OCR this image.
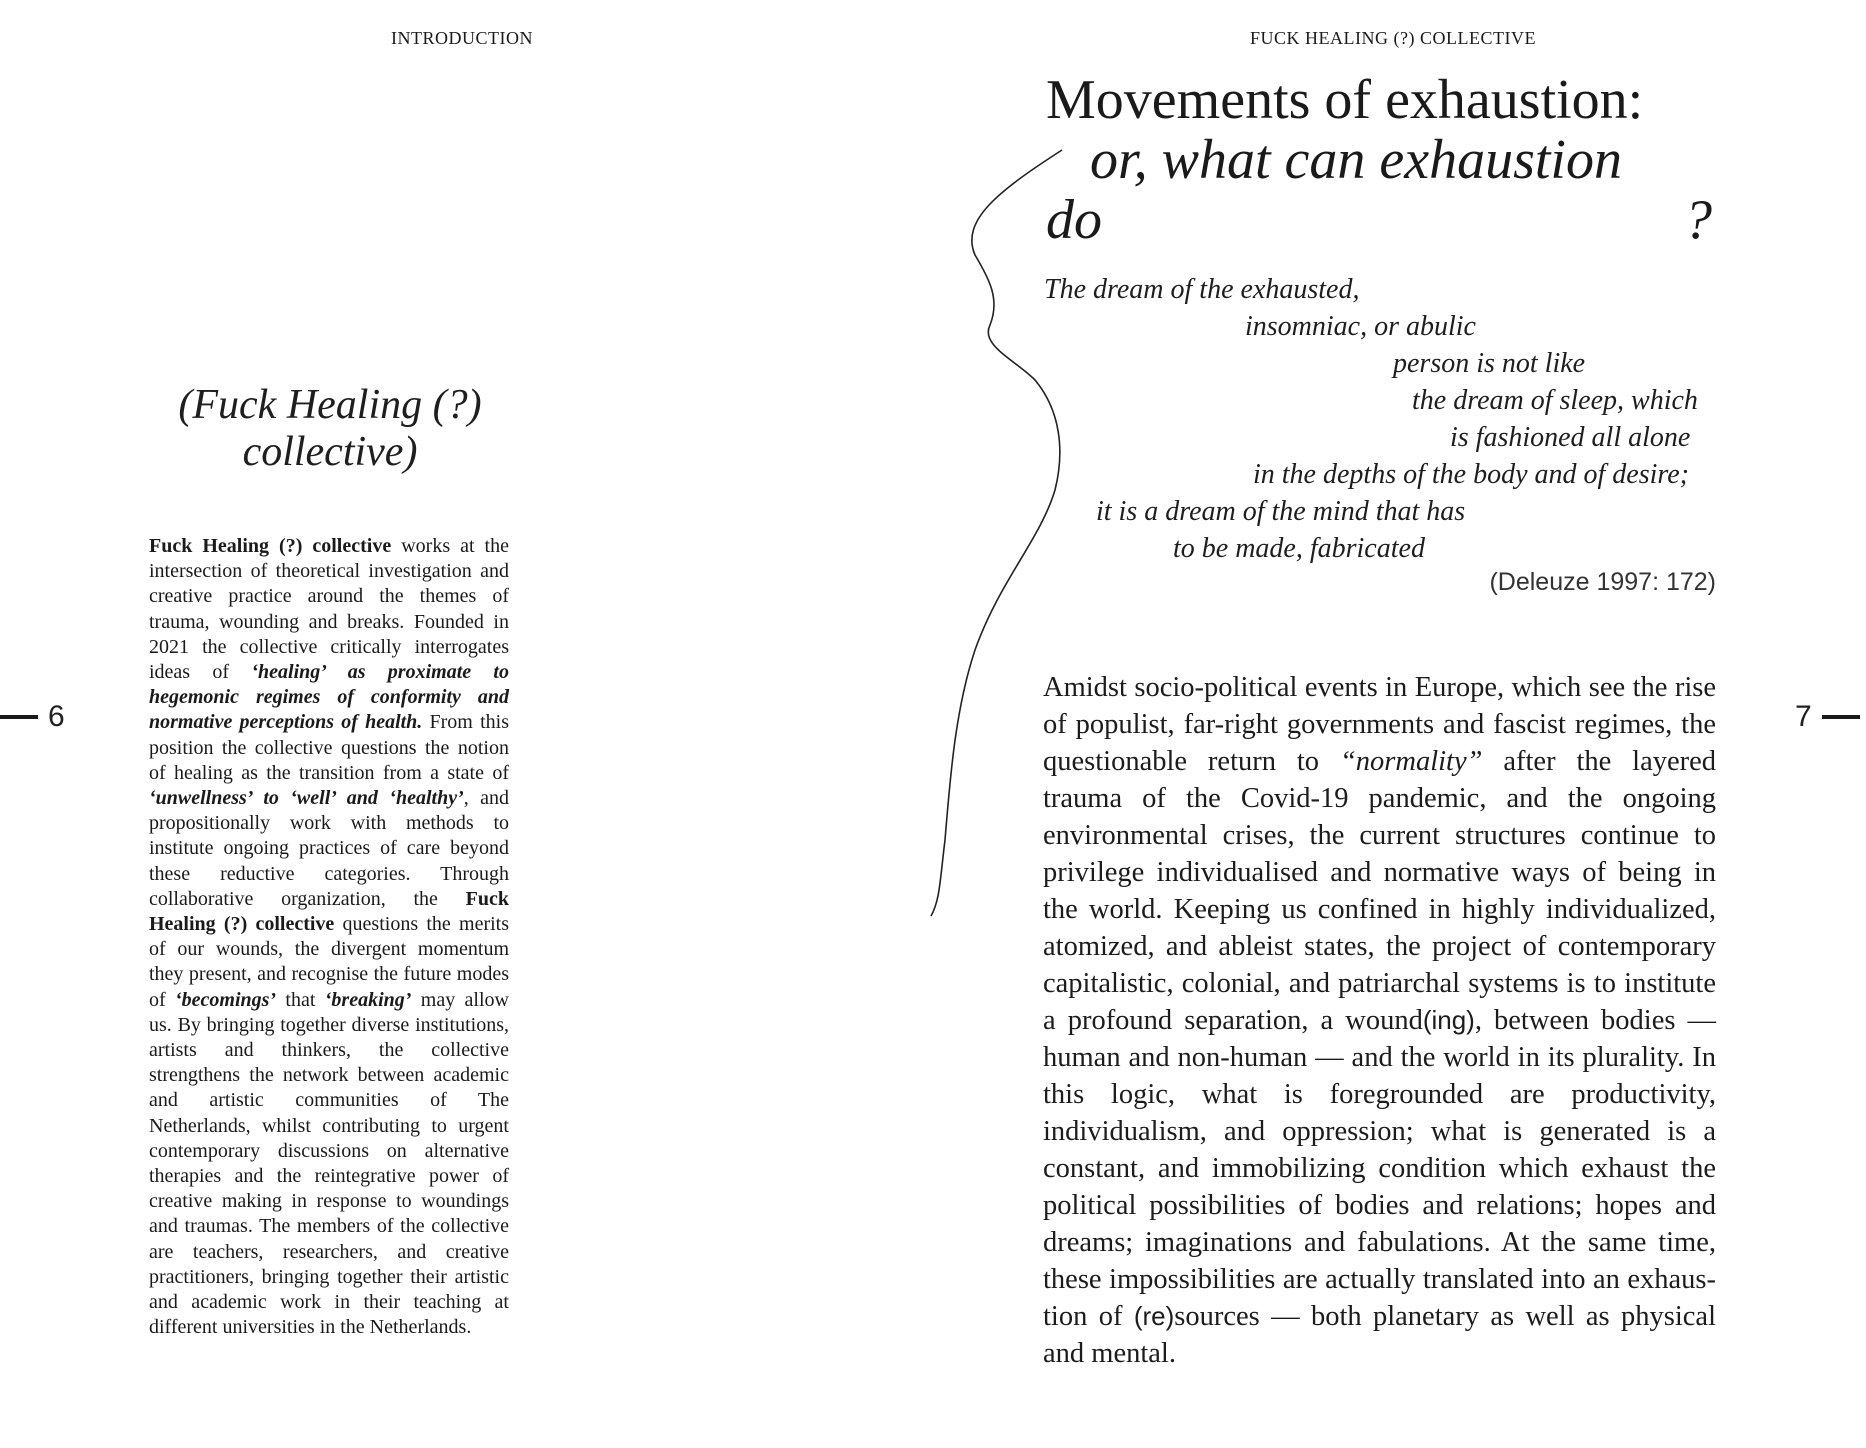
INTRODUCTION
6
(Fuck Healing (?)
collective)

Fuck Healing (?) collective works at the intersection of theoretical investigation and creative practice around the themes of trauma, wounding and breaks. Founded in 2021 the collective critically interrogates ideas of ‘healing’ as proximate to hegemonic regimes of conformity and normative perceptions of health. From this position the collective questions the notion of healing as the transition from a state of ‘unwellness’ to ‘well’ and ‘healthy’, and propositionally work with methods to institute ongoing practices of care beyond these reductive categories. Through collaborative organization, the Fuck Healing (?) collective questions the merits of our wounds, the divergent momentum they present, and recognise the future modes of ‘becomings’ that ‘breaking’ may allow us. By bringing together diverse institutions, artists and thinkers, the collective strengthens the network between academic and artistic communities of The Netherlands, whilst contributing to urgent contemporary discussions on alternative therapies and the reintegrative power of creative making in response to woundings and traumas. The members of the collective are teachers, researchers, and creative practitioners, bringing together their artistic and academic work in their teaching at different universities in the Netherlands.

FUCK HEALING (?) COLLECTIVE
7
Movements of exhaustion:
or, what can exhaustion
do	?
The dream of the exhausted,
insomniac, or abulic
person is not like
the dream of sleep, which
is fashioned all alone
in the depths of the body and of desire;
it is a dream of the mind that has
to be made, fabricated
(Deleuze 1997: 172)

Amidst socio-political events in Europe, which see the rise of populist, far-right governments and fascist regimes, the questionable return to “normality” after the layered trauma of the Covid-19 pandemic, and the ongoing environmental crises, the current structures continue to privilege individualised and normative ways of being in the world. Keeping us confined in highly individualized, atomized, and ableist states, the project of contemporary capitalistic, colonial, and patriarchal systems is to institute a profound separation, a wound(ing), between bodies — human and non-human — and the world in its plurality. In this logic, what is foregrounded are productivity, individualism, and oppression; what is generated is a constant, and immobilizing condition which exhaust the political possibilities of bodies and relations; hopes and dreams; imaginations and fabulations. At the same time, these impossibilities are actually translated into an exhaustion of (re)sources — both planetary as well as physical and mental.
